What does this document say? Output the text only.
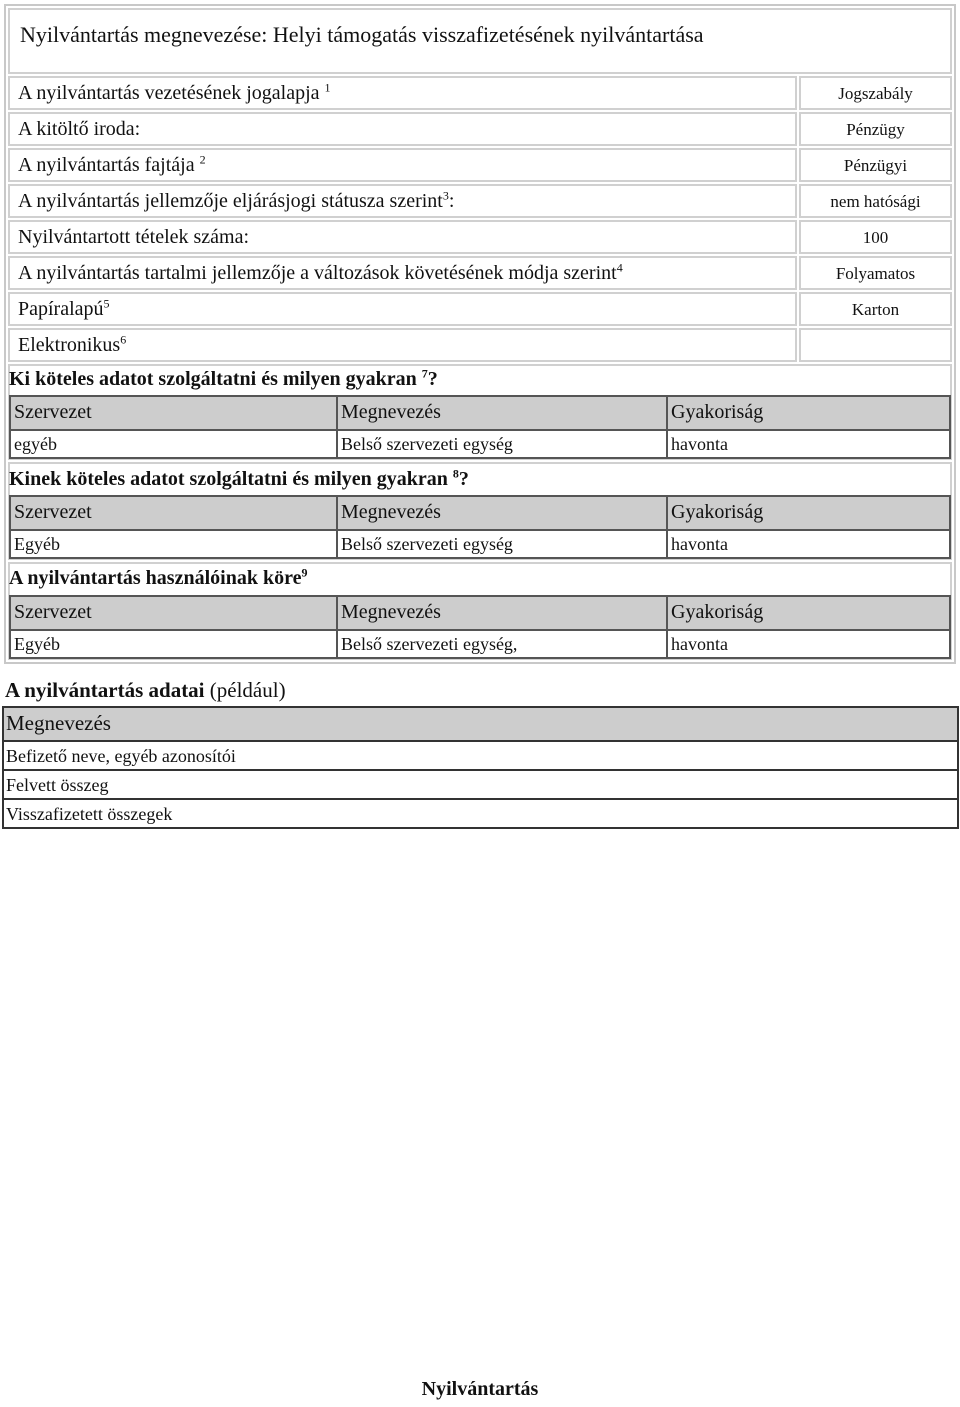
Nyilvántartás megnevezése: Helyi támogatás visszafizetésének nyilvántartása
A nyilvántartás vezetésének jogalapja $^1$	Jogszabály
A kitöltő iroda:	Pénzügy
A nyilvántartás fajtája $^2$	Pénzügyi
A nyilvántartás jellemzője eljárásjogi státusza szerint$^3$:	nem hatósági
Nyilvántartott tételek száma:	100
A nyilvántartás tartalmi jellemzője a változások követésének módja szerint$^4$	Folyamatos
Papíralapú$^5$	Karton
Elektronikus$^6$
Ki köteles adatot szolgáltatni és milyen gyakran $^7$?
Szervezet	Megnevezés	Gyakoriság
egyéb	Belső szervezeti egység	havonta
Kinek köteles adatot szolgáltatni és milyen gyakran $^8$?
Szervezet	Megnevezés	Gyakoriság
Egyéb	Belső szervezeti egység	havonta
A nyilvántartás használóinak köre$^9$
Szervezet	Megnevezés	Gyakoriság
Egyéb	Belső szervezeti egység,	havonta
A nyilvántartás adatai (például)
Megnevezés
Befizető neve, egyéb azonosítói
Felvett összeg
Visszafizetett összegek
Nyilvántartás
